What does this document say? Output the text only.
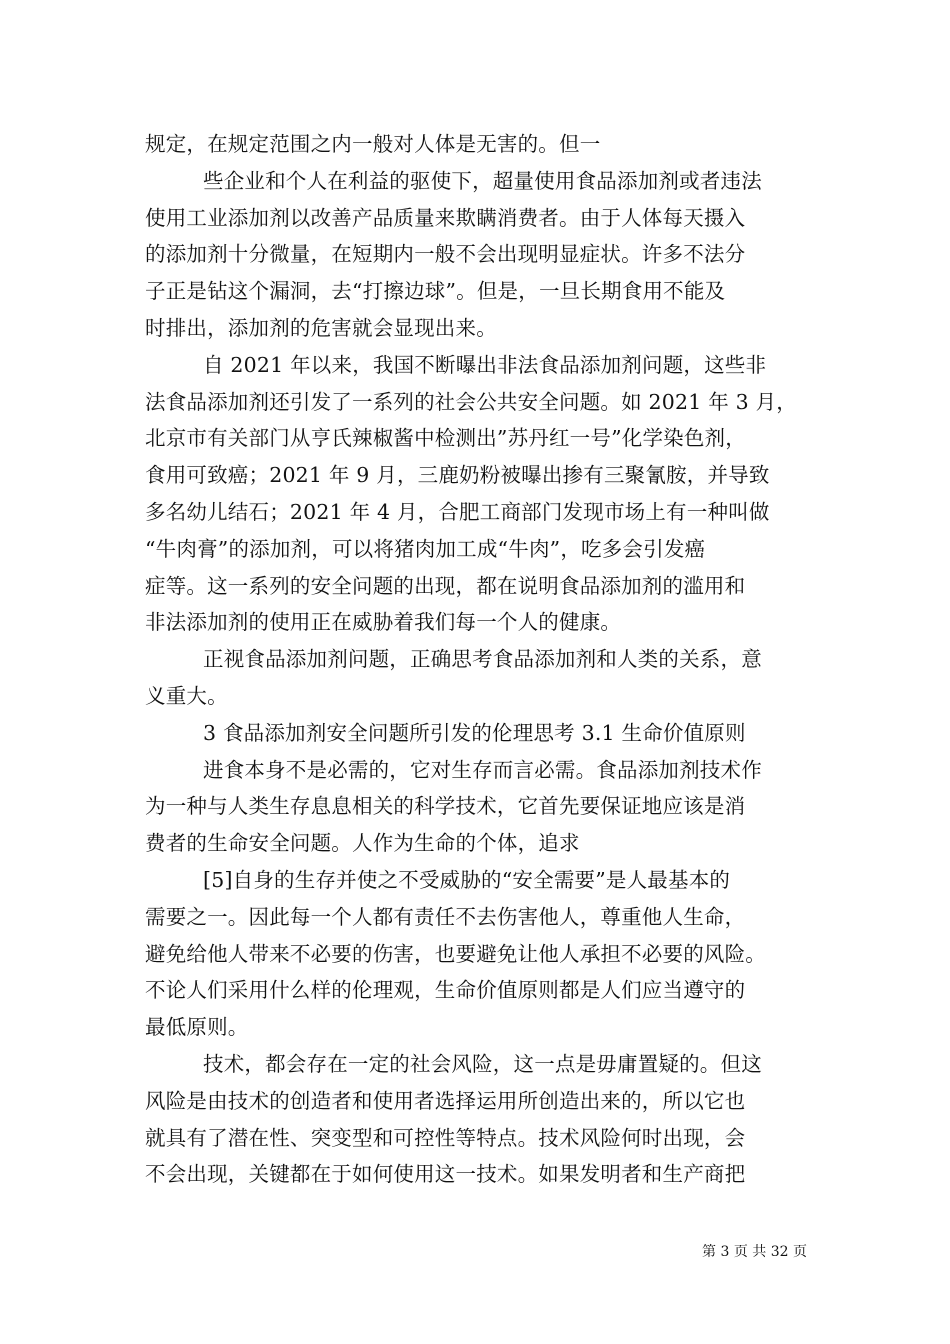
规定，在规定范围之内一般对人体是无害的。但一
些企业和个人在利益的驱使下，超量使用食品添加剂或者违法
使用工业添加剂以改善产品质量来欺瞒消费者。由于人体每天摄入
的添加剂十分微量，在短期内一般不会出现明显症状。许多不法分
子正是钻这个漏洞，去“打擦边球”。但是，一旦长期食用不能及
时排出，添加剂的危害就会显现出来。
自 2021 年以来，我国不断曝出非法食品添加剂问题，这些非
法食品添加剂还引发了一系列的社会公共安全问题。如 2021 年 3 月，
北京市有关部门从亨氏辣椒酱中检测出”苏丹红一号”化学染色剂，
食用可致癌；2021 年 9 月，三鹿奶粉被曝出掺有三聚氰胺，并导致
多名幼儿结石；2021 年 4 月，合肥工商部门发现市场上有一种叫做
“牛肉膏”的添加剂，可以将猪肉加工成“牛肉”，吃多会引发癌
症等。这一系列的安全问题的出现，都在说明食品添加剂的滥用和
非法添加剂的使用正在威胁着我们每一个人的健康。
正视食品添加剂问题，正确思考食品添加剂和人类的关系，意
义重大。
3 食品添加剂安全问题所引发的伦理思考 3.1 生命价值原则
进食本身不是必需的，它对生存而言必需。食品添加剂技术作
为一种与人类生存息息相关的科学技术，它首先要保证地应该是消
费者的生命安全问题。人作为生命的个体，追求
[5]自身的生存并使之不受威胁的“安全需要”是人最基本的
需要之一。因此每一个人都有责任不去伤害他人，尊重他人生命，
避免给他人带来不必要的伤害，也要避免让他人承担不必要的风险。
不论人们采用什么样的伦理观，生命价值原则都是人们应当遵守的
最低原则。
技术，都会存在一定的社会风险，这一点是毋庸置疑的。但这
风险是由技术的创造者和使用者选择运用所创造出来的，所以它也
就具有了潜在性、突变型和可控性等特点。技术风险何时出现，会
不会出现，关键都在于如何使用这一技术。如果发明者和生产商把
第 3 页 共 32 页
